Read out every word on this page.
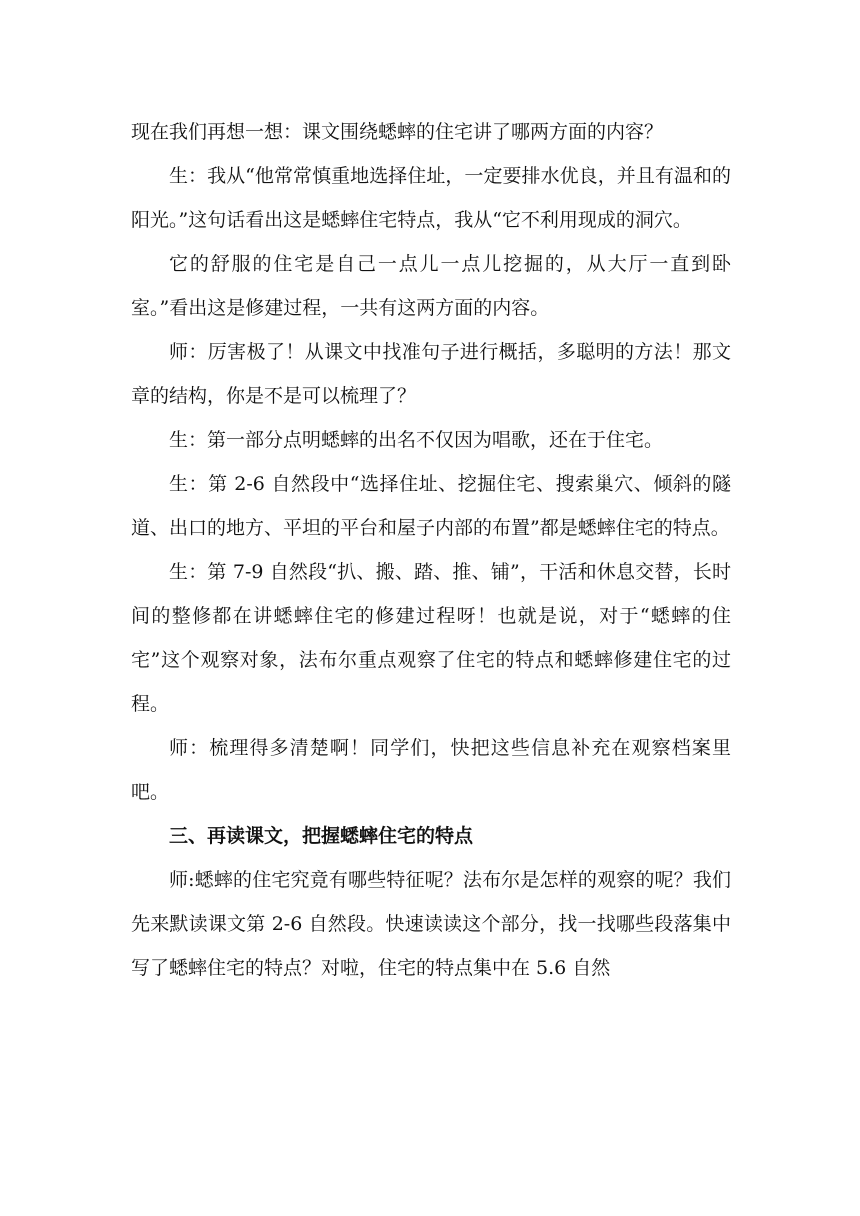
现在我们再想一想：课文围绕蟋蟀的住宅讲了哪两方面的内容？

生：我从“他常常慎重地选择住址，一定要排水优良，并且有温和的阳光。”这句话看出这是蟋蟀住宅特点，我从“它不利用现成的洞穴。

它的舒服的住宅是自己一点儿一点儿挖掘的，从大厅一直到卧室。”看出这是修建过程，一共有这两方面的内容。

师：厉害极了！从课文中找准句子进行概括，多聪明的方法！那文章的结构，你是不是可以梳理了？

生：第一部分点明蟋蟀的出名不仅因为唱歌，还在于住宅。

生：第 2-6 自然段中“选择住址、挖掘住宅、搜索巢穴、倾斜的隧道、出口的地方、平坦的平台和屋子内部的布置”都是蟋蟀住宅的特点。

生：第 7-9 自然段“扒、搬、踏、推、铺”，干活和休息交替，长时间的整修都在讲蟋蟀住宅的修建过程呀！也就是说，对于“蟋蟀的住宅”这个观察对象，法布尔重点观察了住宅的特点和蟋蟀修建住宅的过程。

师：梳理得多清楚啊！同学们，快把这些信息补充在观察档案里吧。

三、再读课文，把握蟋蟀住宅的特点

师:蟋蟀的住宅究竟有哪些特征呢？法布尔是怎样的观察的呢？我们先来默读课文第 2-6 自然段。快速读读这个部分，找一找哪些段落集中写了蟋蟀住宅的特点？对啦，住宅的特点集中在 5.6 自然
